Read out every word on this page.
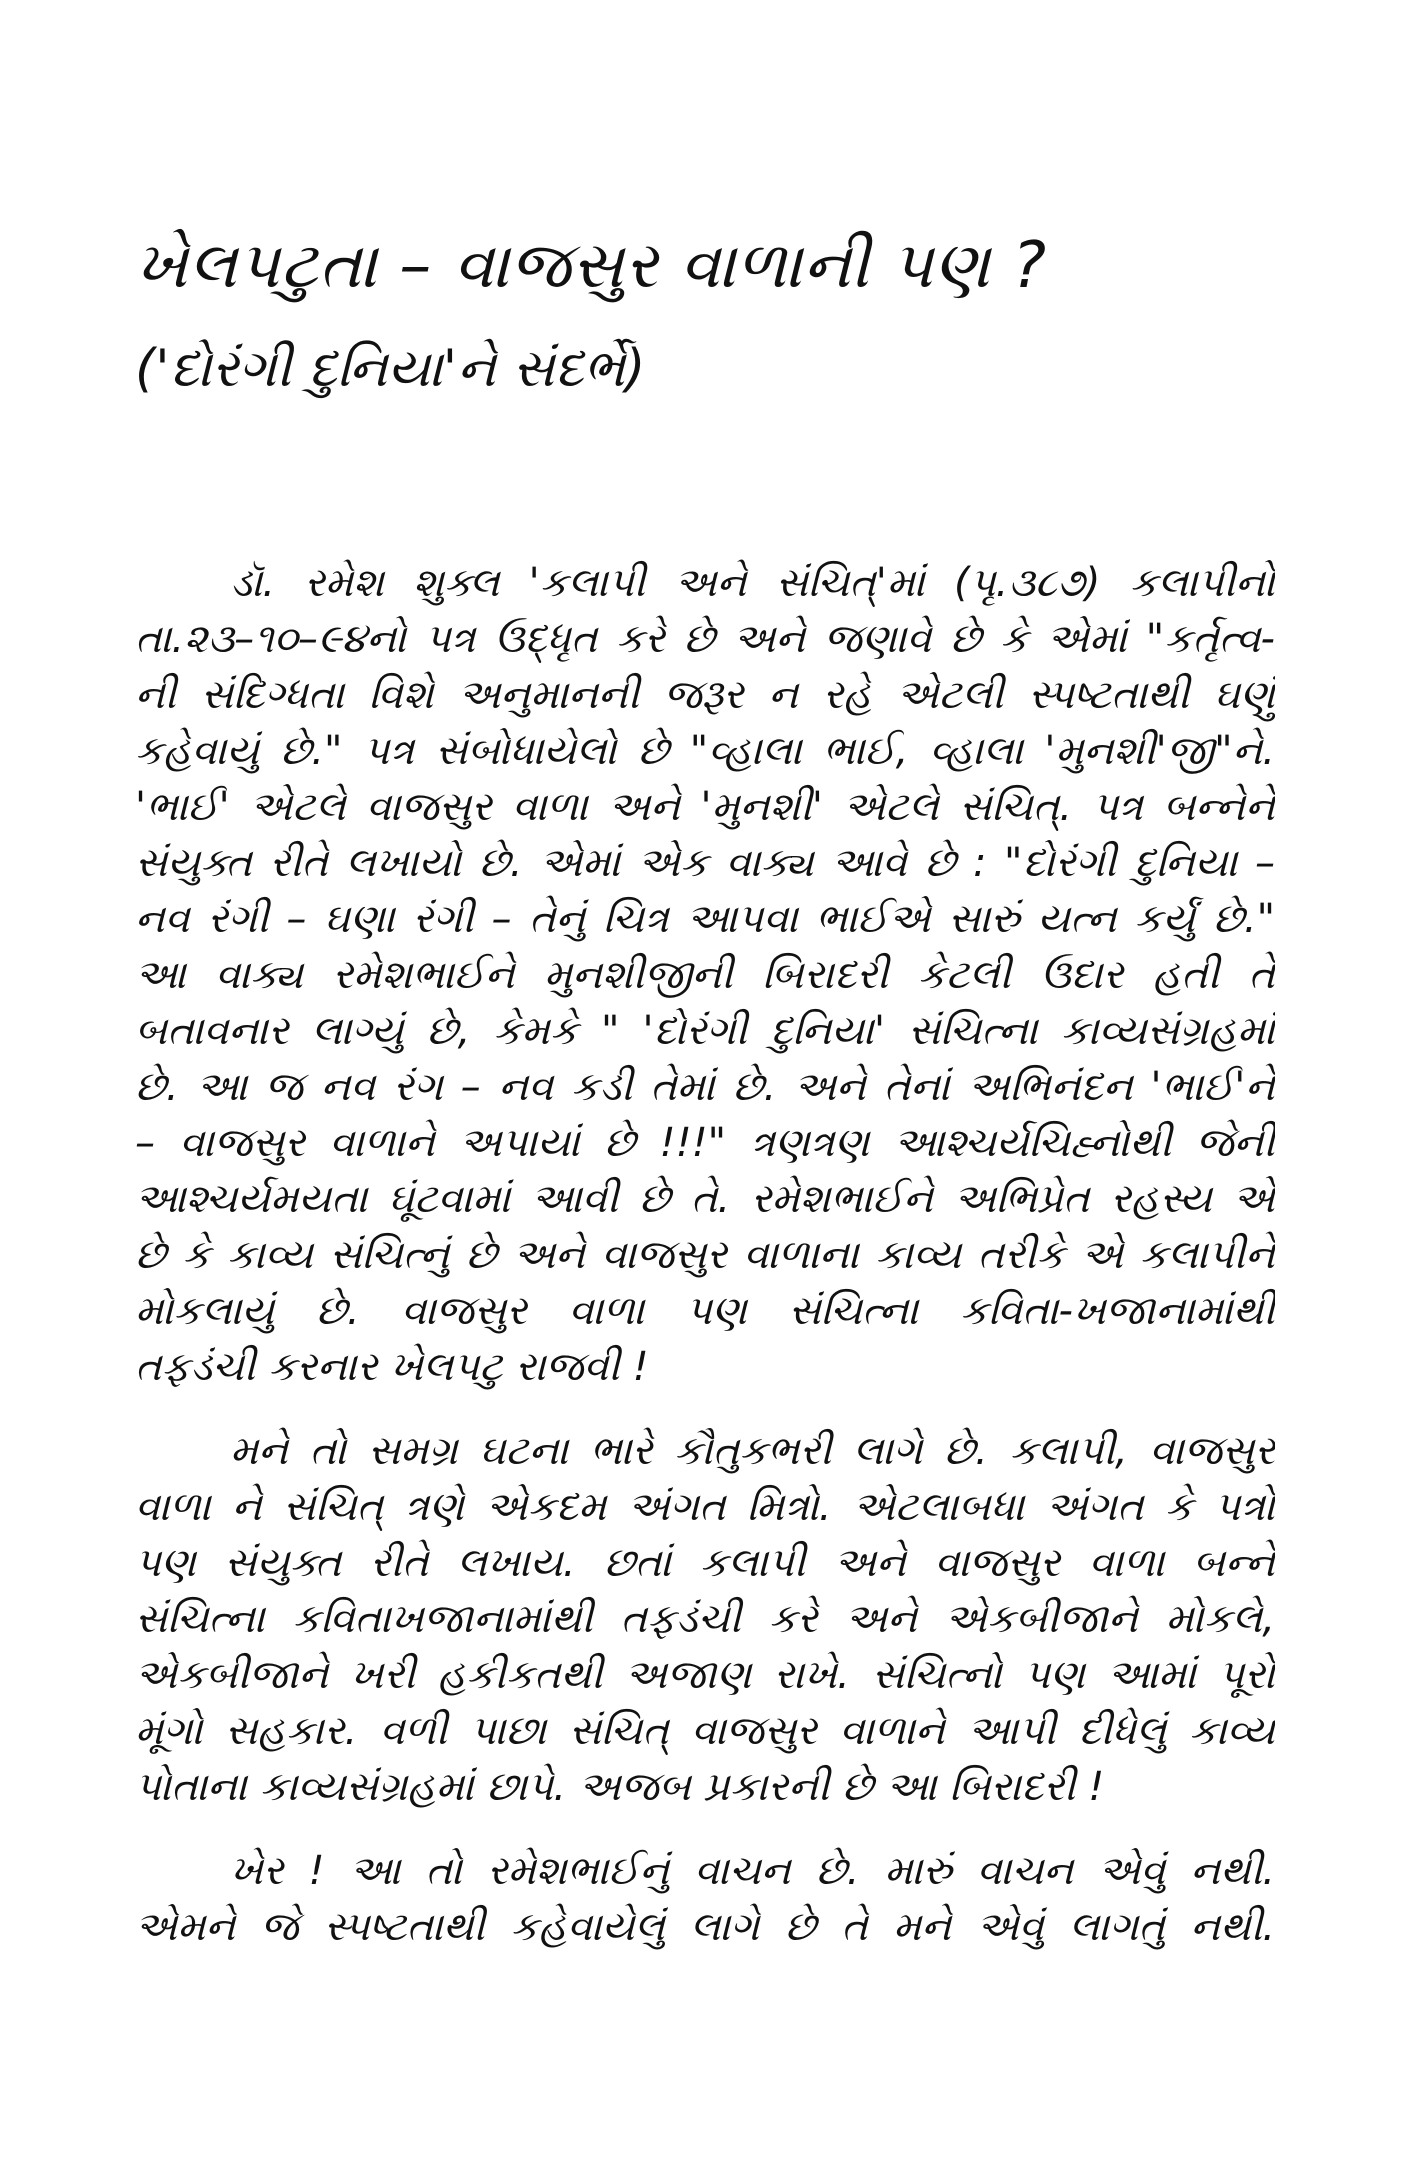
ખેલપટુતા – વાજસુર વાળાની પણ ?
('દોરંગી દુનિયા'ને સંદર્ભે)
ડૉ. રમેશ શુક્લ 'કલાપી અને સંચિત્'માં (પૃ.૩૮૭) કલાપીનો
તા.૨૩–૧૦–૯૪નો પત્ર ઉદ્ધૃત કરે છે અને જણાવે છે કે એમાં "કર્તૃત્વ-
ની સંદિગ્ધતા વિશે અનુમાનની જરૂર ન રહે એટલી સ્પષ્ટતાથી ઘણું
કહેવાયું છે." પત્ર સંબોધાયેલો છે "વ્હાલા ભાઈ, વ્હાલા 'મુનશી'જી"ને.
'ભાઈ' એટલે વાજસુર વાળા અને 'મુનશી' એટલે સંચિત્. પત્ર બન્નેને
સંયુક્ત રીતે લખાયો છે. એમાં એક વાક્ય આવે છે : "દોરંગી દુનિયા –
નવ રંગી – ઘણા રંગી – તેનું ચિત્ર આપવા ભાઈએ સારું યત્ન કર્યું છે."
આ વાક્ય રમેશભાઈને મુનશીજીની બિરાદરી કેટલી ઉદાર હતી તે
બતાવનાર લાગ્યું છે, કેમકે " 'દોરંગી દુનિયા' સંચિત્ના કાવ્યસંગ્રહમાં
છે. આ જ નવ રંગ – નવ કડી તેમાં છે. અને તેનાં અભિનંદન 'ભાઈ'ને
– વાજસુર વાળાને અપાયાં છે !!!" ત્રણત્રણ આશ્ચર્યચિહ્નોથી જેની
આશ્ચર્યમયતા ઘૂંટવામાં આવી છે તે. રમેશભાઈને અભિપ્રેત રહસ્ય એ
છે કે કાવ્ય સંચિત્નું છે અને વાજસુર વાળાના કાવ્ય તરીકે એ કલાપીને
મોકલાયું છે. વાજસુર વાળા પણ સંચિત્ના કવિતા-ખજાનામાંથી
તફડંચી કરનાર ખેલપટુ રાજવી !
મને તો સમગ્ર ઘટના ભારે કૌતુકભરી લાગે છે. કલાપી, વાજસુર
વાળા ને સંચિત્ ત્રણે એકદમ અંગત મિત્રો. એટલાબધા અંગત કે પત્રો
પણ સંયુક્ત રીતે લખાય. છતાં કલાપી અને વાજસુર વાળા બન્ને
સંચિત્ના કવિતાખજાનામાંથી તફડંચી કરે અને એકબીજાને મોકલે,
એકબીજાને ખરી હકીકતથી અજાણ રાખે. સંચિત્નો પણ આમાં પૂરો
મૂંગો સહકાર. વળી પાછા સંચિત્ વાજસુર વાળાને આપી દીધેલું કાવ્ય
પોતાના કાવ્યસંગ્રહમાં છાપે. અજબ પ્રકારની છે આ બિરાદરી !
ખેર ! આ તો રમેશભાઈનું વાચન છે. મારું વાચન એવું નથી.
એમને જે સ્પષ્ટતાથી કહેવાયેલું લાગે છે તે મને એવું લાગતું નથી.
